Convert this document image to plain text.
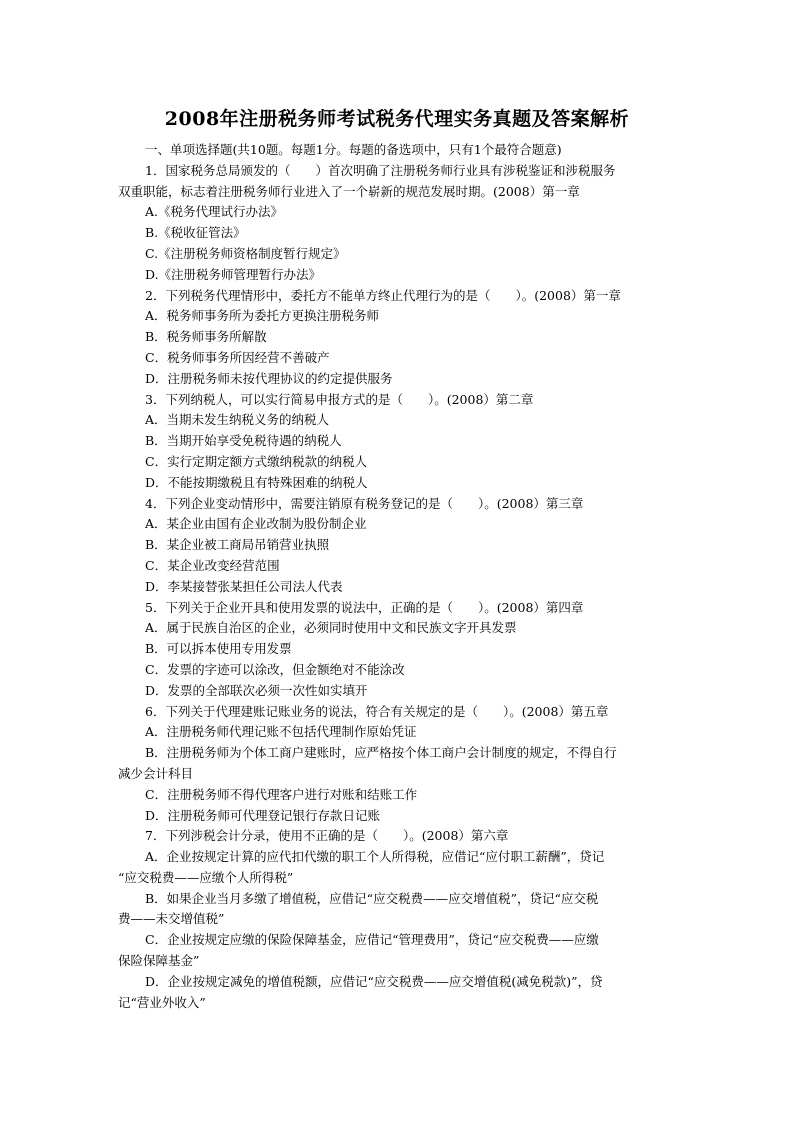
2008年注册税务师考试税务代理实务真题及答案解析
一、单项选择题(共10题。每题1分。每题的备选项中，只有1个最符合题意)
1．国家税务总局颁发的（　　）首次明确了注册税务师行业具有涉税鉴证和涉税服务
双重职能，标志着注册税务师行业进入了一个崭新的规范发展时期。(2008）第一章
A.《税务代理试行办法》
B.《税收征管法》
C.《注册税务师资格制度暂行规定》
D.《注册税务师管理暂行办法》
2．下列税务代理情形中，委托方不能单方终止代理行为的是（　　）。(2008）第一章
A．税务师事务所为委托方更换注册税务师
B．税务师事务所解散
C．税务师事务所因经营不善破产
D．注册税务师未按代理协议的约定提供服务
3．下列纳税人，可以实行简易申报方式的是（　　）。(2008）第二章
A．当期未发生纳税义务的纳税人
B．当期开始享受免税待遇的纳税人
C．实行定期定额方式缴纳税款的纳税人
D．不能按期缴税且有特殊困难的纳税人
4．下列企业变动情形中，需要注销原有税务登记的是（　　）。(2008）第三章
A．某企业由国有企业改制为股份制企业
B．某企业被工商局吊销营业执照
C．某企业改变经营范围
D．李某接替张某担任公司法人代表
5．下列关于企业开具和使用发票的说法中，正确的是（　　）。(2008）第四章
A．属于民族自治区的企业，必须同时使用中文和民族文字开具发票
B．可以拆本使用专用发票
C．发票的字迹可以涂改，但金额绝对不能涂改
D．发票的全部联次必须一次性如实填开
6．下列关于代理建账记账业务的说法，符合有关规定的是（　　）。(2008）第五章
A．注册税务师代理记账不包括代理制作原始凭证
B．注册税务师为个体工商户建账时，应严格按个体工商户会计制度的规定，不得自行
减少会计科目
C．注册税务师不得代理客户进行对账和结账工作
D．注册税务师可代理登记银行存款日记账
7．下列涉税会计分录，使用不正确的是（　　）。(2008）第六章
A．企业按规定计算的应代扣代缴的职工个人所得税，应借记“应付职工薪酬”，贷记
“应交税费——应缴个人所得税”
B．如果企业当月多缴了增值税，应借记“应交税费——应交增值税”，贷记“应交税
费——未交增值税”
C．企业按规定应缴的保险保障基金，应借记“管理费用”，贷记“应交税费——应缴
保险保障基金”
D．企业按规定减免的增值税额，应借记“应交税费——应交增值税(减免税款)”，贷
记“营业外收入”
